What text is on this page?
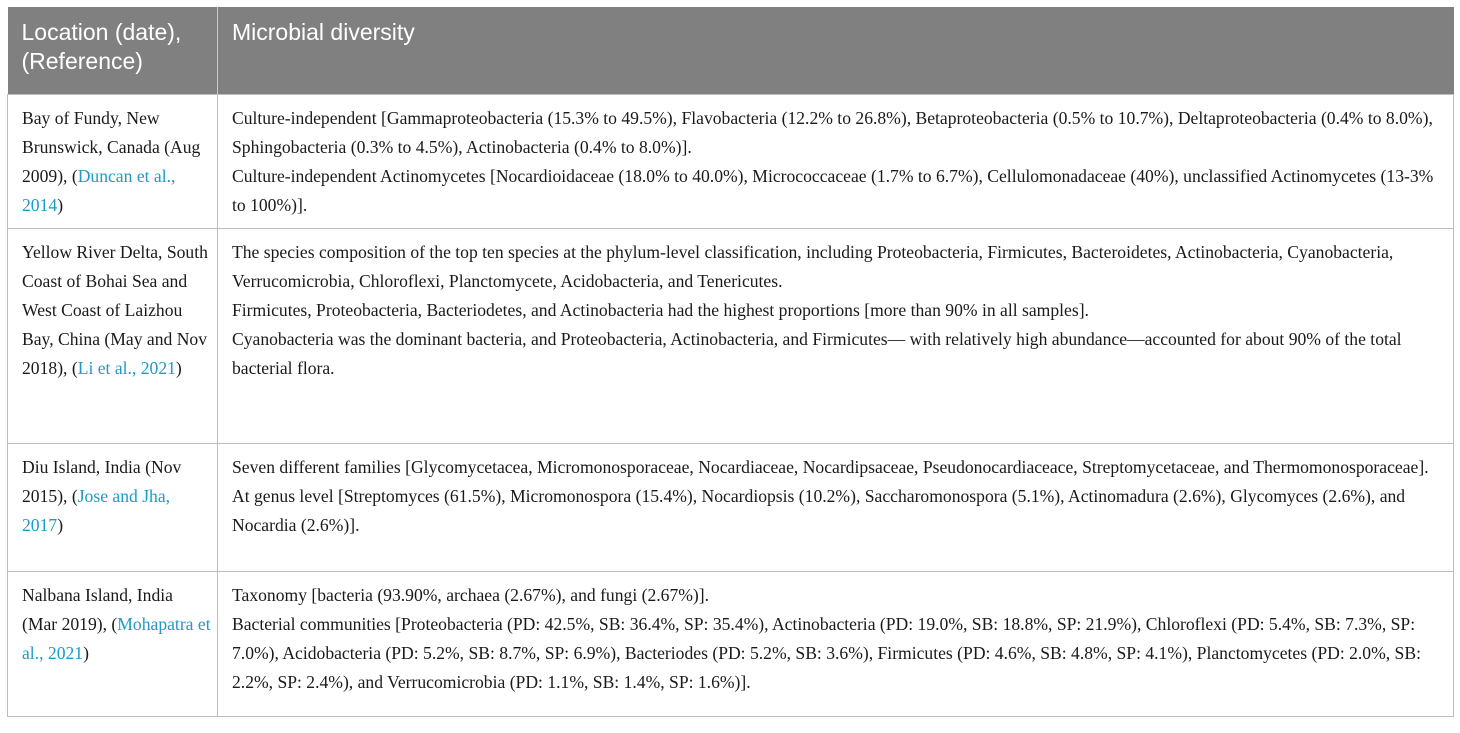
Location (date), (Reference)	Microbial diversity
Bay of Fundy, New Brunswick, Canada (Aug 2009), (Duncan et al., 2014)	Culture-independent [Gammaproteobacteria (15.3% to 49.5%), Flavobacteria (12.2% to 26.8%), Betaproteobacteria (0.5% to 10.7%), Deltaproteobacteria (0.4% to 8.0%), Sphingobacteria (0.3% to 4.5%), Actinobacteria (0.4% to 8.0%)].
Culture-independent Actinomycetes [Nocardioidaceae (18.0% to 40.0%), Micrococcaceae (1.7% to 6.7%), Cellulomonadaceae (40%), unclassified Actinomycetes (13-3% to 100%)].

Yellow River Delta, South Coast of Bohai Sea and West Coast of Laizhou Bay, China (May and Nov 2018), (Li et al., 2021)	The species composition of the top ten species at the phylum-level classification, including Proteobacteria, Firmicutes, Bacteroidetes, Actinobacteria, Cyanobacteria, Verrucomicrobia, Chloroflexi, Planctomycete, Acidobacteria, and Tenericutes.
Firmicutes, Proteobacteria, Bacteriodetes, and Actinobacteria had the highest proportions [more than 90% in all samples].
Cyanobacteria was the dominant bacteria, and Proteobacteria, Actinobacteria, and Firmicutes— with relatively high abundance—accounted for about 90% of the total bacterial flora.

Diu Island, India (Nov 2015), (Jose and Jha, 2017)	Seven different families [Glycomycetacea, Micromonosporaceae, Nocardiaceae, Nocardipsaceae, Pseudonocardiaceace, Streptomycetaceae, and Thermomonosporaceae].
At genus level [Streptomyces (61.5%), Micromonospora (15.4%), Nocardiopsis (10.2%), Saccharomonospora (5.1%), Actinomadura (2.6%), Glycomyces (2.6%), and Nocardia (2.6%)].

Nalbana Island, India (Mar 2019), (Mohapatra et al., 2021)	Taxonomy [bacteria (93.90%, archaea (2.67%), and fungi (2.67%)].
Bacterial communities [Proteobacteria (PD: 42.5%, SB: 36.4%, SP: 35.4%), Actinobacteria (PD: 19.0%, SB: 18.8%, SP: 21.9%), Chloroflexi (PD: 5.4%, SB: 7.3%, SP: 7.0%), Acidobacteria (PD: 5.2%, SB: 8.7%, SP: 6.9%), Bacteriodes (PD: 5.2%, SB: 3.6%), Firmicutes (PD: 4.6%, SB: 4.8%, SP: 4.1%), Planctomycetes (PD: 2.0%, SB: 2.2%, SP: 2.4%), and Verrucomicrobia (PD: 1.1%, SB: 1.4%, SP: 1.6%)].
